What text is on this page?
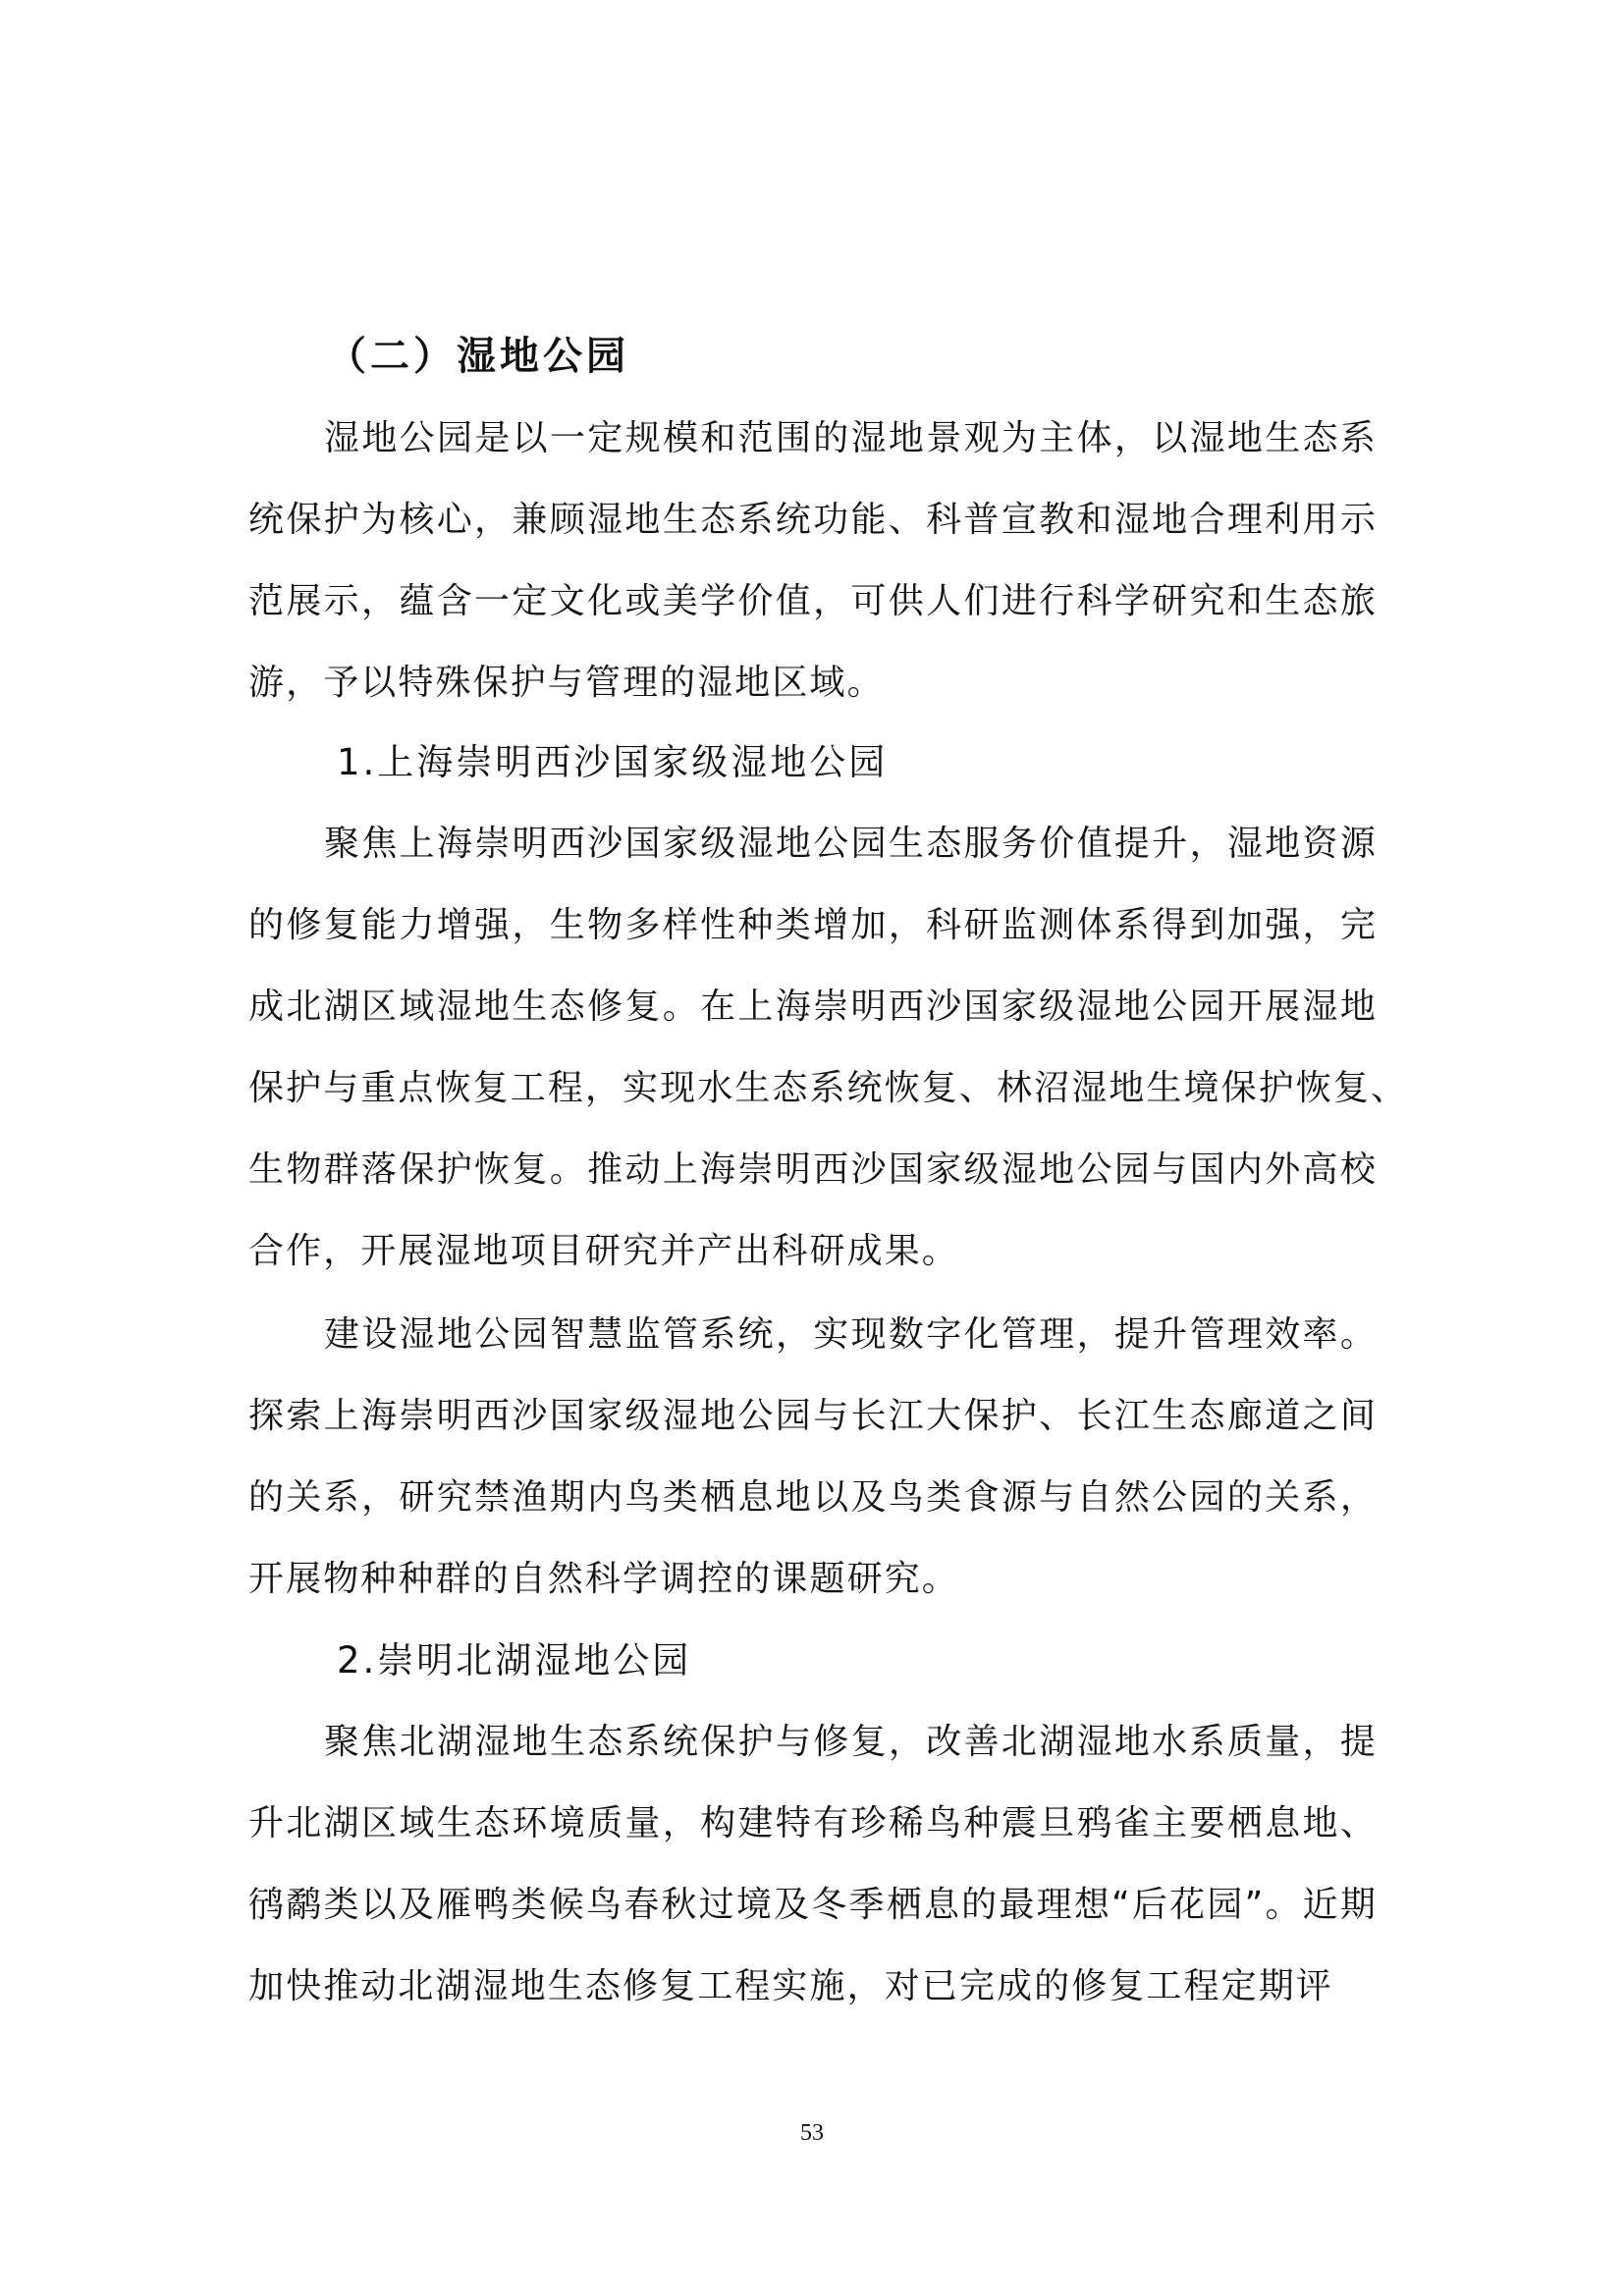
（二）湿地公园
湿地公园是以一定规模和范围的湿地景观为主体，以湿地生态系
统保护为核心，兼顾湿地生态系统功能、科普宣教和湿地合理利用示
范展示，蕴含一定文化或美学价值，可供人们进行科学研究和生态旅
游，予以特殊保护与管理的湿地区域。
1.上海崇明西沙国家级湿地公园
聚焦上海崇明西沙国家级湿地公园生态服务价值提升，湿地资源
的修复能力增强，生物多样性种类增加，科研监测体系得到加强，完
成北湖区域湿地生态修复。在上海崇明西沙国家级湿地公园开展湿地
保护与重点恢复工程，实现水生态系统恢复、林沼湿地生境保护恢复、
生物群落保护恢复。推动上海崇明西沙国家级湿地公园与国内外高校
合作，开展湿地项目研究并产出科研成果。
建设湿地公园智慧监管系统，实现数字化管理，提升管理效率。
探索上海崇明西沙国家级湿地公园与长江大保护、长江生态廊道之间
的关系，研究禁渔期内鸟类栖息地以及鸟类食源与自然公园的关系，
开展物种种群的自然科学调控的课题研究。
2.崇明北湖湿地公园
聚焦北湖湿地生态系统保护与修复，改善北湖湿地水系质量，提
升北湖区域生态环境质量，构建特有珍稀鸟种震旦鸦雀主要栖息地、
鸻鹬类以及雁鸭类候鸟春秋过境及冬季栖息的最理想“后花园”。近期
加快推动北湖湿地生态修复工程实施，对已完成的修复工程定期评
53
